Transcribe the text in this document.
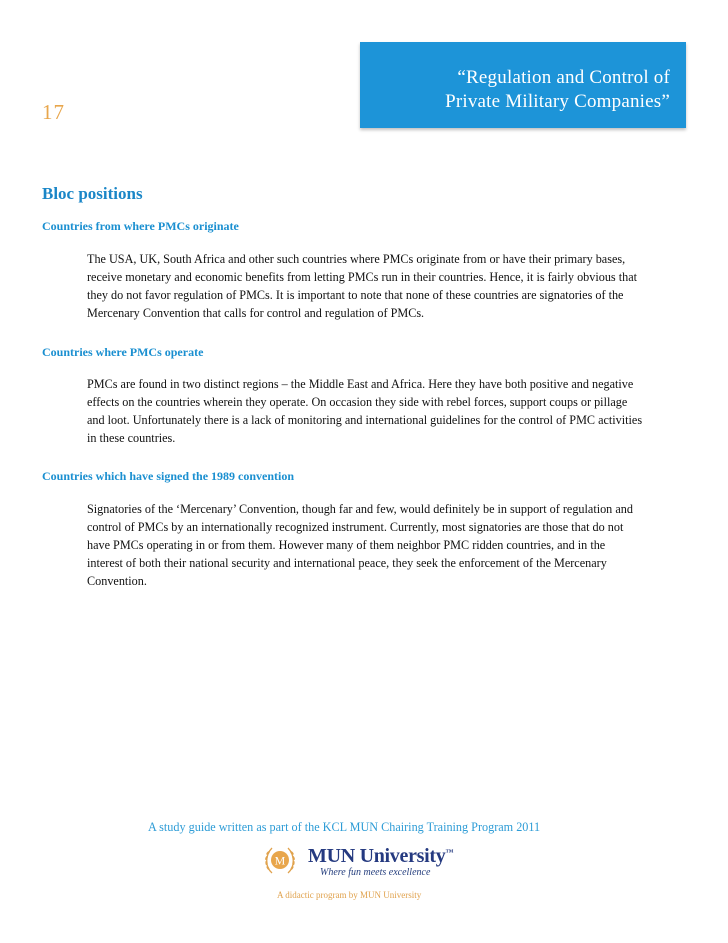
“Regulation and Control of
Private Military Companies”
17
Bloc positions
Countries from where PMCs originate
The USA, UK, South Africa and other such countries where PMCs originate from or have their primary bases,
receive monetary and economic benefits from letting PMCs run in their countries. Hence, it is fairly obvious that
they do not favor regulation of PMCs. It is important to note that none of these countries are signatories of the
Mercenary Convention that calls for control and regulation of PMCs.
Countries where PMCs operate
PMCs are found in two distinct regions – the Middle East and Africa. Here they have both positive and negative
effects on the countries wherein they operate. On occasion they side with rebel forces, support coups or pillage
and loot. Unfortunately there is a lack of monitoring and international guidelines for the control of PMC activities
in these countries.
Countries which have signed the 1989 convention
Signatories of the ‘Mercenary’ Convention, though far and few, would definitely be in support of regulation and
control of PMCs by an internationally recognized instrument. Currently, most signatories are those that do not
have PMCs operating in or from them. However many of them neighbor PMC ridden countries, and in the
interest of both their national security and international peace, they seek the enforcement of the Mercenary
Convention.
A study guide written as part of the KCL MUN Chairing Training Program 2011
M MUN University™
Where fun meets excellence
A didactic program by MUN University
